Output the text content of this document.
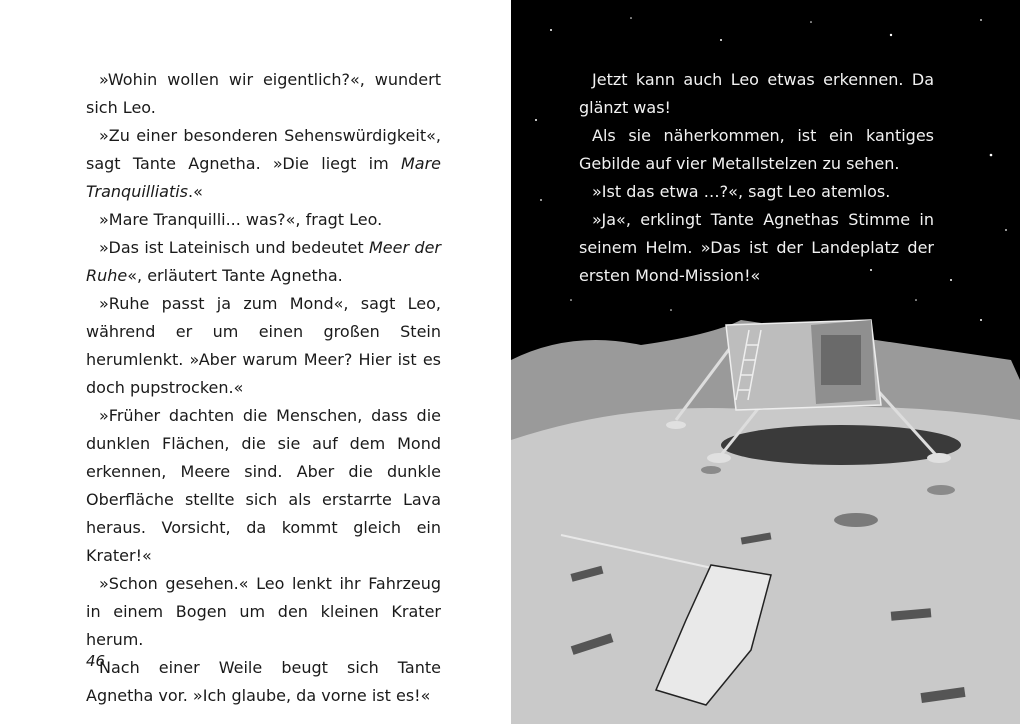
»Wohin wollen wir eigentlich?«, wundert sich Leo.

»Zu einer besonderen Sehenswürdigkeit«, sagt Tante Agnetha. »Die liegt im Mare Tranquilliatis.«

»Mare Tranquilli... was?«, fragt Leo.

»Das ist Lateinisch und bedeutet Meer der Ruhe«, erläutert Tante Agnetha.

»Ruhe passt ja zum Mond«, sagt Leo, während er um einen großen Stein herumlenkt. »Aber warum Meer? Hier ist es doch pupstrocken.«

»Früher dachten die Menschen, dass die dunklen Flächen, die sie auf dem Mond erkennen, Meere sind. Aber die dunkle Oberfläche stellte sich als erstarrte Lava heraus. Vorsicht, da kommt gleich ein Krater!«

»Schon gesehen.« Leo lenkt ihr Fahrzeug in einem Bogen um den kleinen Krater herum.

Nach einer Weile beugt sich Tante Agnetha vor. »Ich glaube, da vorne ist es!«

46

Jetzt kann auch Leo etwas erkennen. Da glänzt was!

Als sie näherkommen, ist ein kantiges Gebilde auf vier Metallstelzen zu sehen.

»Ist das etwa …?«, sagt Leo atemlos.

»Ja«, erklingt Tante Agnethas Stimme in seinem Helm. »Das ist der Landeplatz der ersten Mond-Mission!«
